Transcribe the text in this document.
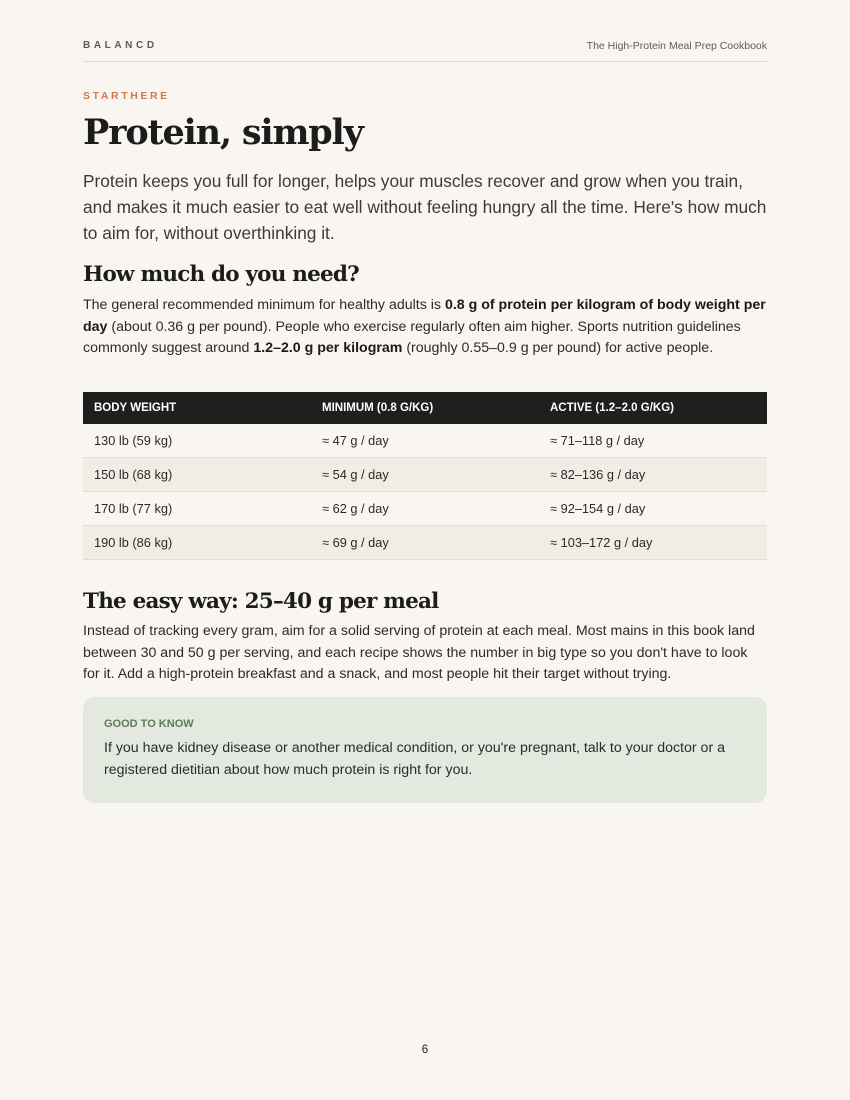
BALANCD	The High-Protein Meal Prep Cookbook
STARTHERE
Protein, simply

Protein keeps you full for longer, helps your muscles recover and grow when you train, and makes it much easier to eat well without feeling hungry all the time. Here's how much to aim for, without overthinking it.

How much do you need?

The general recommended minimum for healthy adults is 0.8 g of protein per kilogram of body weight per day (about 0.36 g per pound). People who exercise regularly often aim higher. Sports nutrition guidelines commonly suggest around 1.2–2.0 g per kilogram (roughly 0.55–0.9 g per pound) for active people.

BODY WEIGHT	MINIMUM (0.8 G/KG)	ACTIVE (1.2–2.0 G/KG)
130 lb (59 kg)	≈ 47 g / day	≈ 71–118 g / day
150 lb (68 kg)	≈ 54 g / day	≈ 82–136 g / day
170 lb (77 kg)	≈ 62 g / day	≈ 92–154 g / day
190 lb (86 kg)	≈ 69 g / day	≈ 103–172 g / day
The easy way: 25–40 g per meal

Instead of tracking every gram, aim for a solid serving of protein at each meal. Most mains in this book land between 30 and 50 g per serving, and each recipe shows the number in big type so you don't have to look for it. Add a high-protein breakfast and a snack, and most people hit their target without trying.

GOOD TO KNOW

If you have kidney disease or another medical condition, or you're pregnant, talk to your doctor or a registered dietitian about how much protein is right for you.

6
